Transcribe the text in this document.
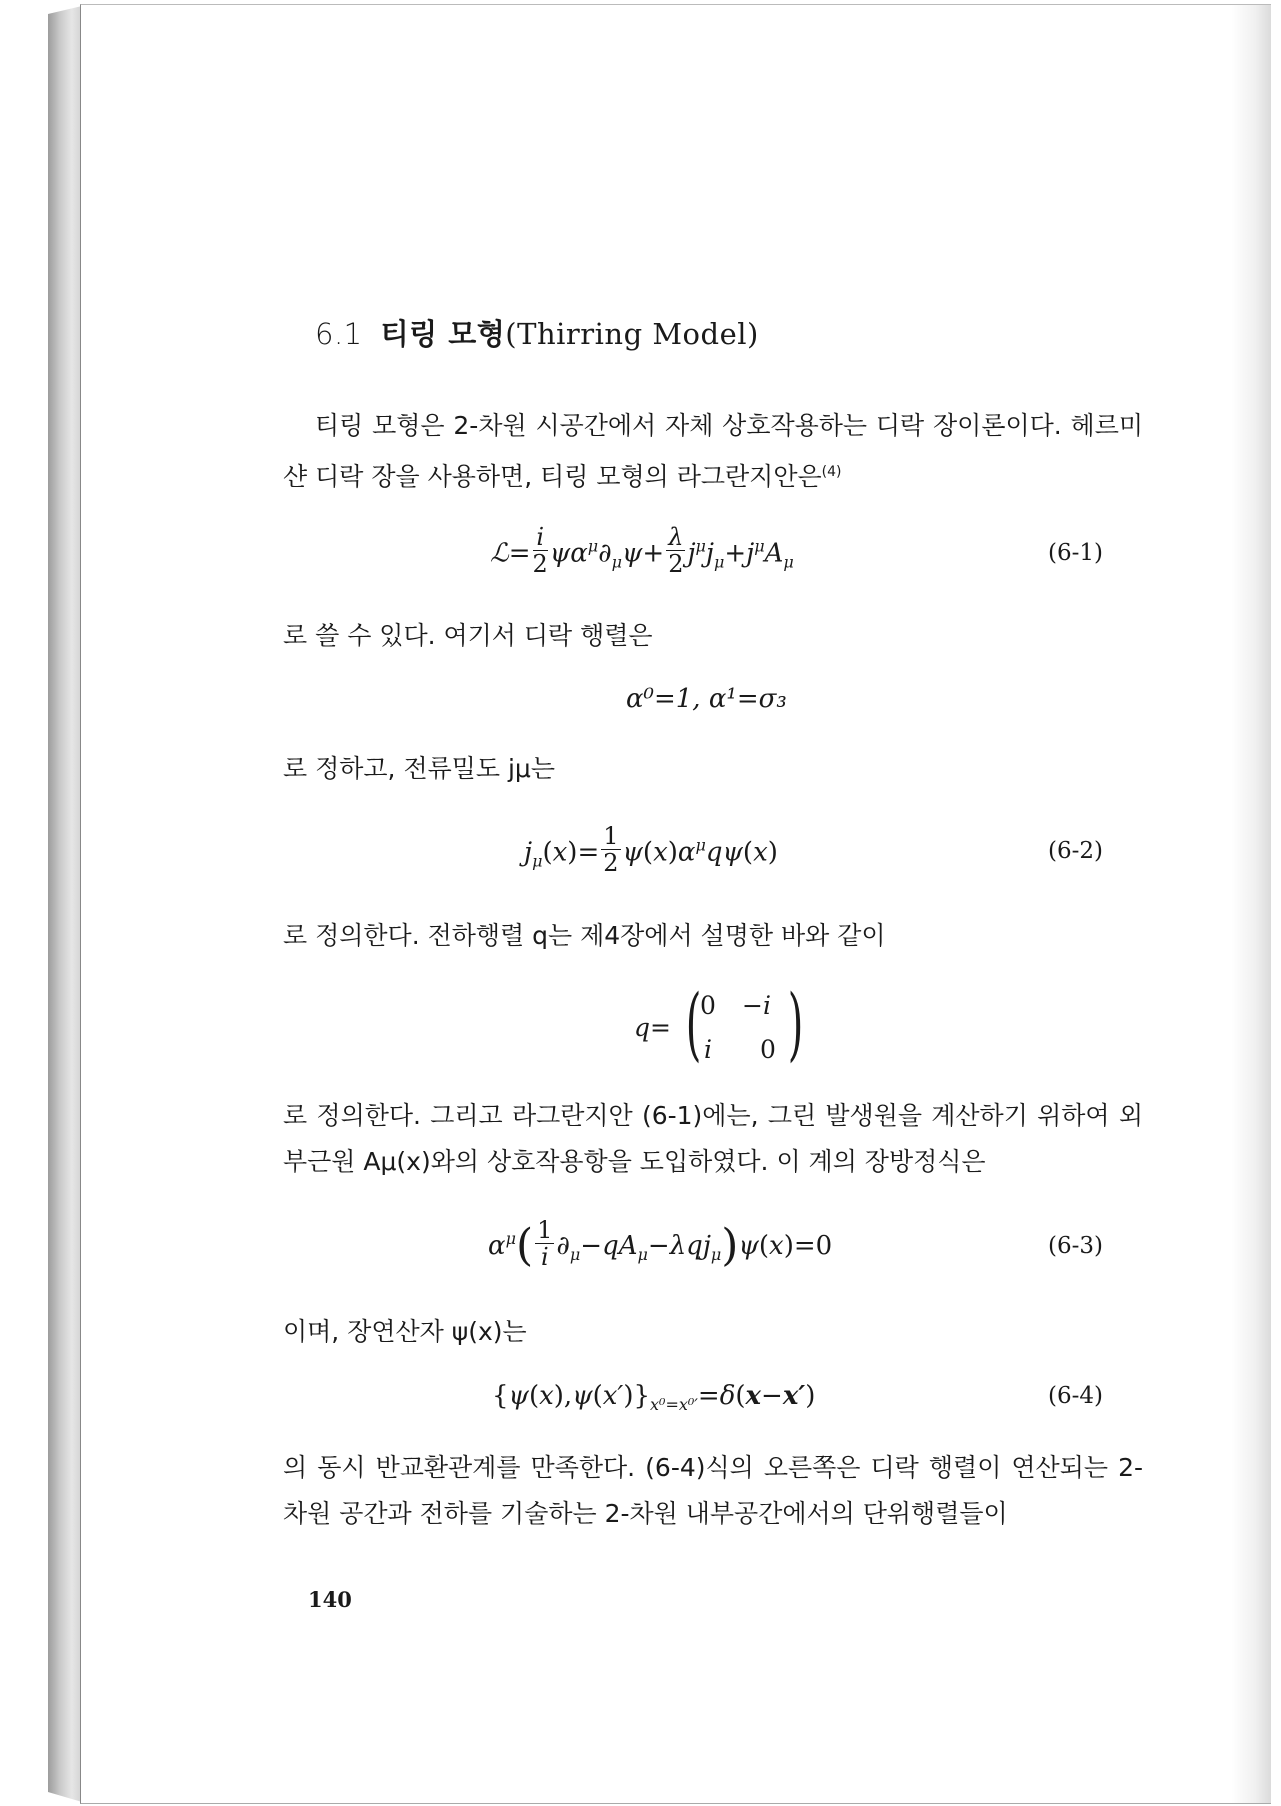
6.1 티링 모형(Thirring Model)
티링 모형은 2-차원 시공간에서 자체 상호작용하는 디락 장이론이다. 헤르미샨 디락 장을 사용하면, 티링 모형의 라그란지안은$^{(4)}$
ℒ= $\frac{i}{2} \psi\alpha^\mu\partial_\mu\psi+ \frac{\lambda}{2} j^\mu j_\mu+j^\mu A_\mu$	(6-1)
로 쓸 수 있다. 여기서 디락 행렬은
α⁰=1, α¹=σ₃
로 정하고, 전류밀도 jμ는
$j_\mu(x)= \frac{1}{2} \psi(x)\alpha^\mu q\psi(x)$	(6-2)
로 정의한다. 전하행렬 q는 제4장에서 설명한 바와 같이
q= (
0 −i
i 0 )
로 정의한다. 그리고 라그란지안 (6-1)에는, 그린 발생원을 계산하기 위하여 외부근원 Aμ(x)와의 상호작용항을 도입하였다. 이 계의 장방정식은
$\alpha^\mu( \frac{1}{i} \partial_\mu-qA_\mu-\lambda qj_\mu)\psi(x)=0$	(6-3)
이며, 장연산자 ψ(x)는
$\{\psi(x),\psi(x')\}_{x^0=x^0'}=\delta(x-x')$	(6-4)
의 동시 반교환관계를 만족한다. (6-4)식의 오른쪽은 디락 행렬이 연산되는 2-차원 공간과 전하를 기술하는 2-차원 내부공간에서의 단위행렬들이
140
